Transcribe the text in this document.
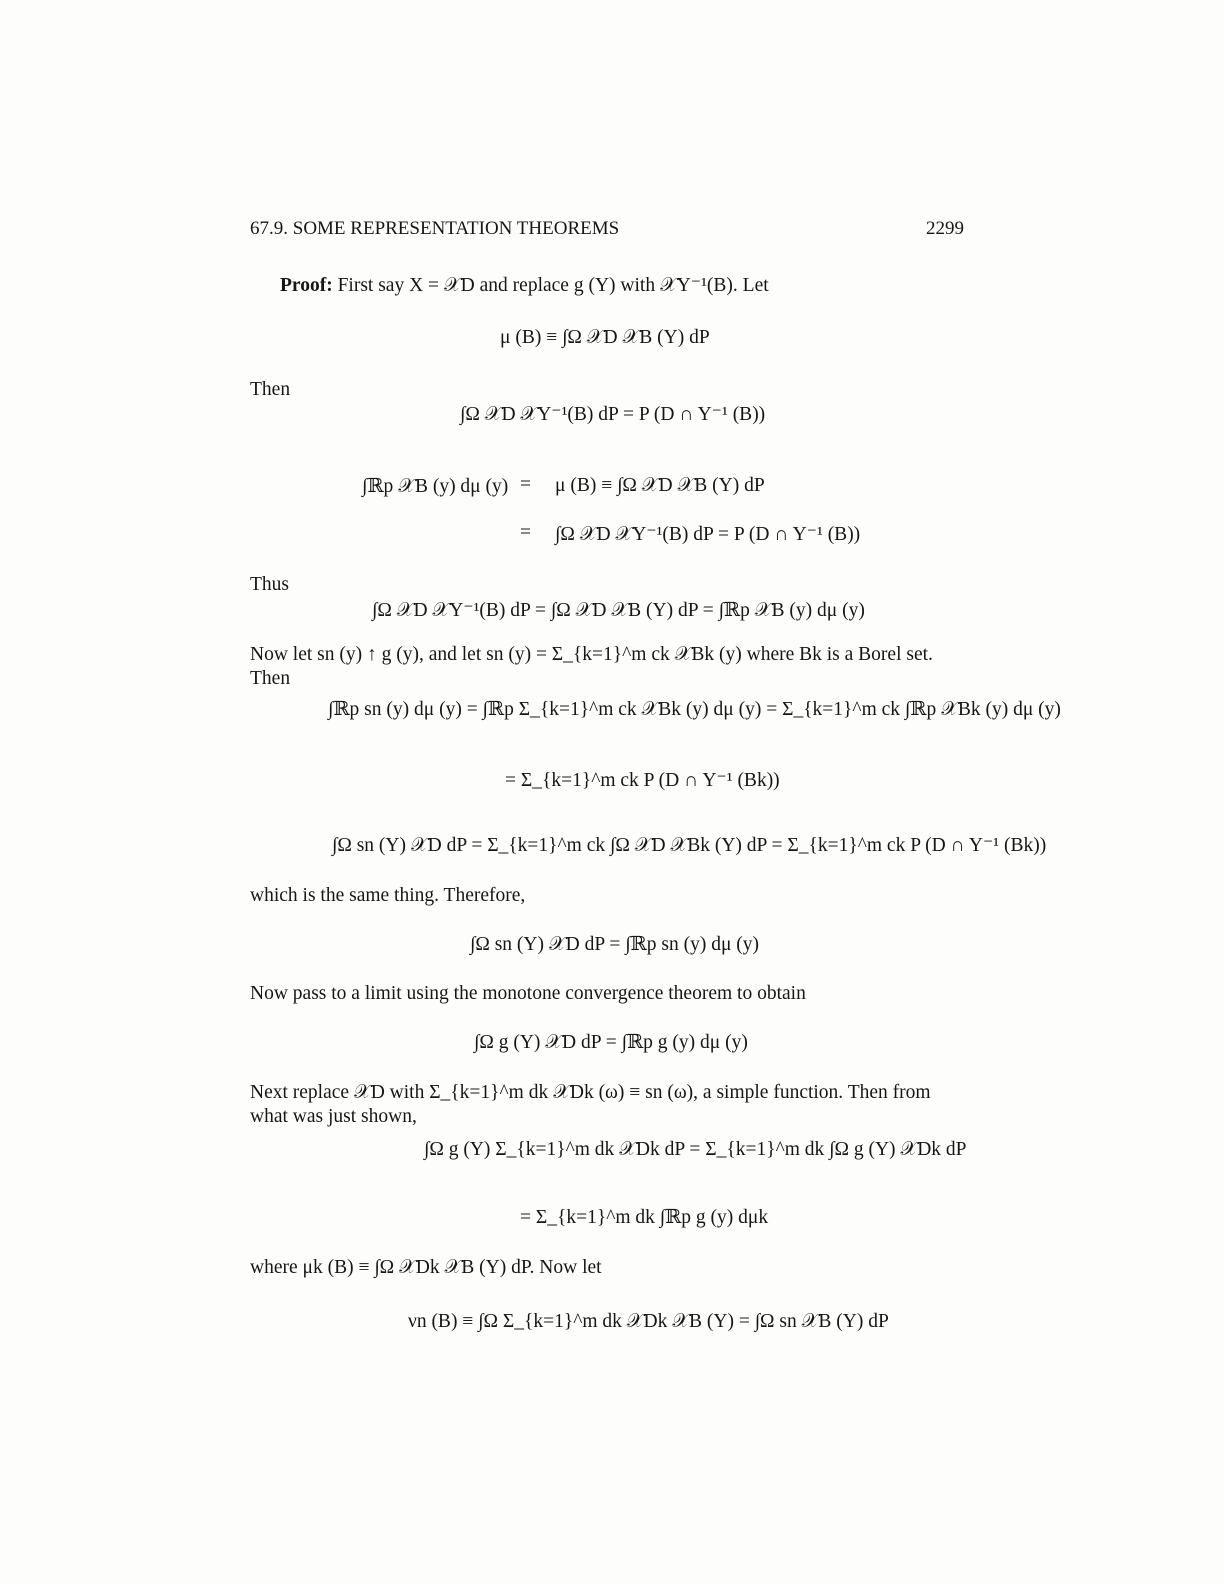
67.9. SOME REPRESENTATION THEOREMS	2299
Proof: First say X = 𝒳D and replace g (Y) with 𝒳Y⁻¹(B). Let
μ (B) ≡ ∫Ω 𝒳D 𝒳B (Y) dP
Then
∫Ω 𝒳D 𝒳Y⁻¹(B) dP = P (D ∩ Y⁻¹ (B))
∫ℝp 𝒳B (y) dμ (y) = μ (B) ≡ ∫Ω 𝒳D 𝒳B (Y) dP
= ∫Ω 𝒳D 𝒳Y⁻¹(B) dP = P (D ∩ Y⁻¹ (B))
Thus
∫Ω 𝒳D 𝒳Y⁻¹(B) dP = ∫Ω 𝒳D 𝒳B (Y) dP = ∫ℝp 𝒳B (y) dμ (y)
Now let sn (y) ↑ g (y), and let sn (y) = Σ_{k=1}^m ck 𝒳Bk (y) where Bk is a Borel set. Then
∫ℝp sn (y) dμ (y) = ∫ℝp Σ_{k=1}^m ck 𝒳Bk (y) dμ (y) = Σ_{k=1}^m ck ∫ℝp 𝒳Bk (y) dμ (y)
= Σ_{k=1}^m ck P (D ∩ Y⁻¹ (Bk))
∫Ω sn (Y) 𝒳D dP = Σ_{k=1}^m ck ∫Ω 𝒳D 𝒳Bk (Y) dP = Σ_{k=1}^m ck P (D ∩ Y⁻¹ (Bk))
which is the same thing. Therefore,
∫Ω sn (Y) 𝒳D dP = ∫ℝp sn (y) dμ (y)
Now pass to a limit using the monotone convergence theorem to obtain
∫Ω g (Y) 𝒳D dP = ∫ℝp g (y) dμ (y)
Next replace 𝒳D with Σ_{k=1}^m dk 𝒳Dk (ω) ≡ sn (ω), a simple function. Then from what was just shown,
∫Ω g (Y) Σ_{k=1}^m dk 𝒳Dk dP = Σ_{k=1}^m dk ∫Ω g (Y) 𝒳Dk dP
= Σ_{k=1}^m dk ∫ℝp g (y) dμk
where μk (B) ≡ ∫Ω 𝒳Dk 𝒳B (Y) dP. Now let
νn (B) ≡ ∫Ω Σ_{k=1}^m dk 𝒳Dk 𝒳B (Y) = ∫Ω sn 𝒳B (Y) dP
